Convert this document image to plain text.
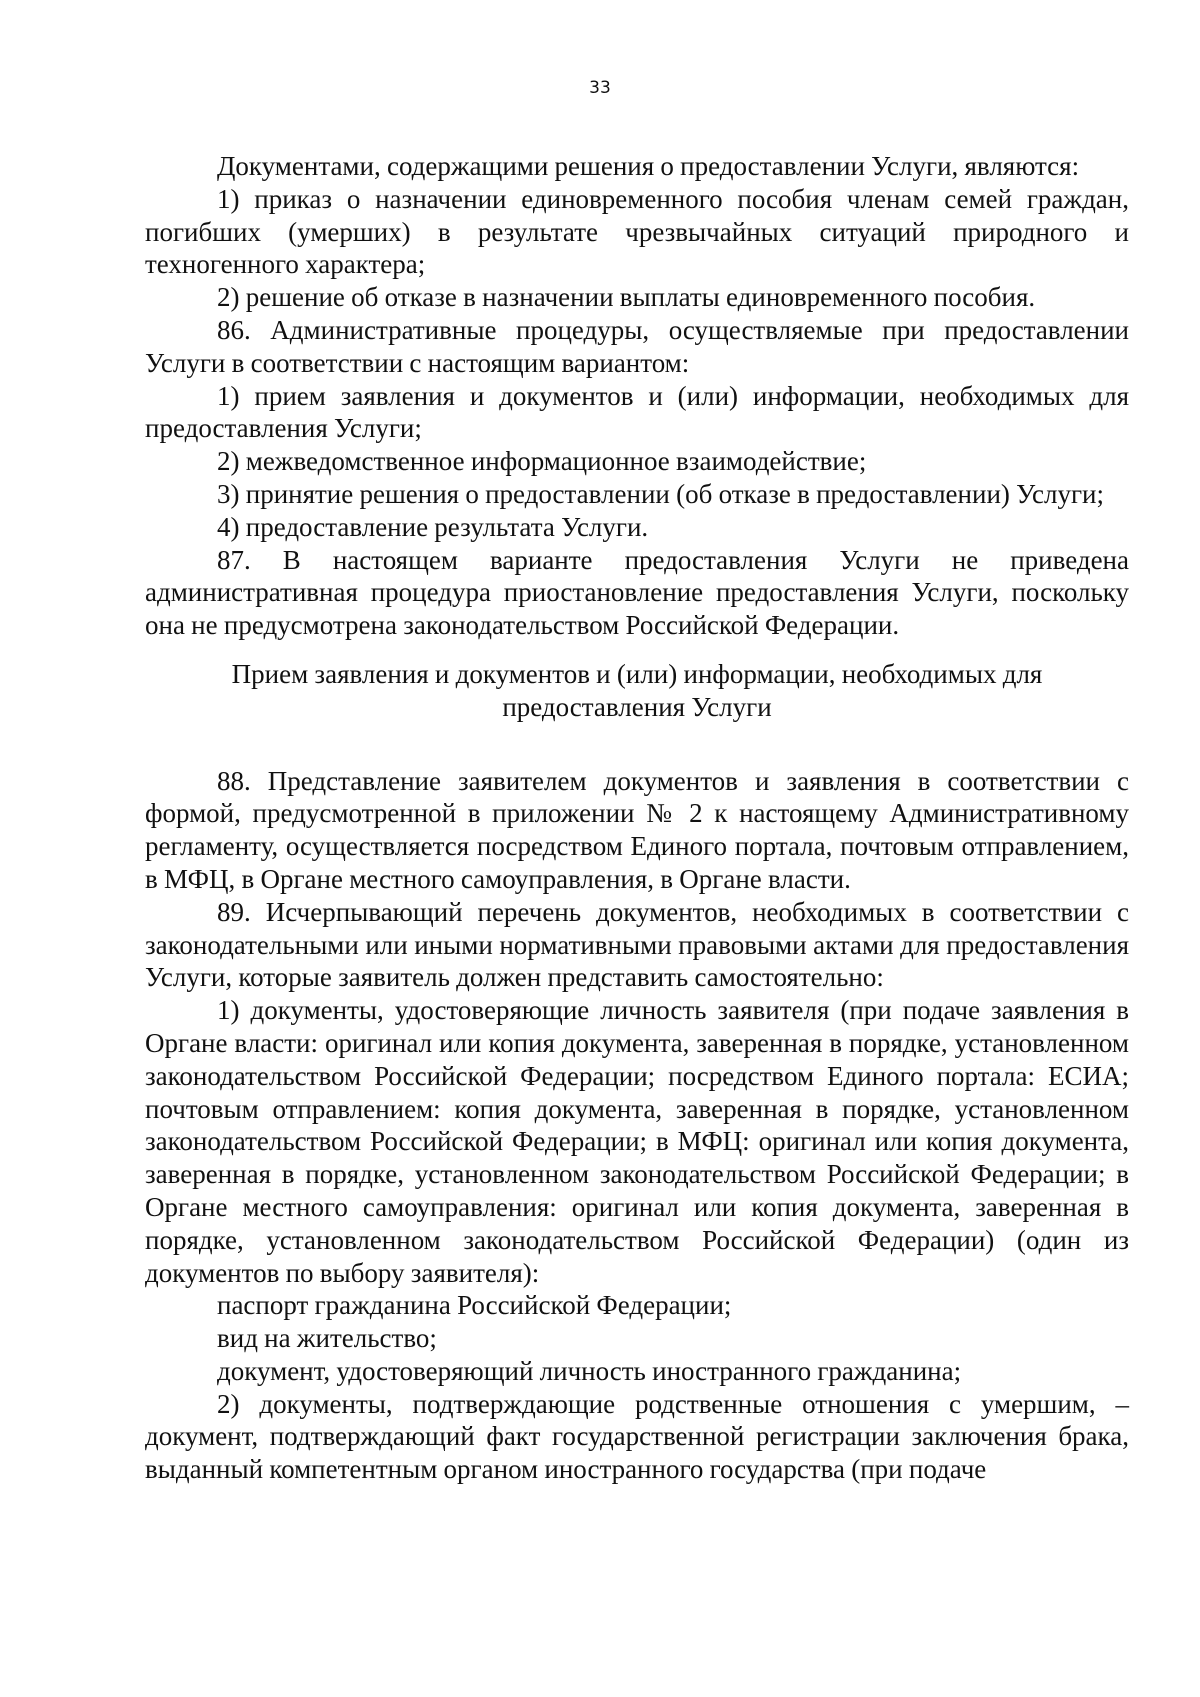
33

Документами, содержащими решения о предоставлении Услуги, являются:

1) приказ о назначении единовременного пособия членам семей граждан, погибших (умерших) в результате чрезвычайных ситуаций природного и техногенного характера;

2) решение об отказе в назначении выплаты единовременного пособия.

86. Административные процедуры, осуществляемые при предоставлении Услуги в соответствии с настоящим вариантом:

1) прием заявления и документов и (или) информации, необходимых для предоставления Услуги;

2) межведомственное информационное взаимодействие;

3) принятие решения о предоставлении (об отказе в предоставлении) Услуги;

4) предоставление результата Услуги.

87. В настоящем варианте предоставления Услуги не приведена административная процедура приостановление предоставления Услуги, поскольку она не предусмотрена законодательством Российской Федерации.

Прием заявления и документов и (или) информации, необходимых для предоставления Услуги

88. Представление заявителем документов и заявления в соответствии с формой, предусмотренной в приложении № 2 к настоящему Административному регламенту, осуществляется посредством Единого портала, почтовым отправлением, в МФЦ, в Органе местного самоуправления, в Органе власти.

89. Исчерпывающий перечень документов, необходимых в соответствии с законодательными или иными нормативными правовыми актами для предоставления Услуги, которые заявитель должен представить самостоятельно:

1) документы, удостоверяющие личность заявителя (при подаче заявления в Органе власти: оригинал или копия документа, заверенная в порядке, установленном законодательством Российской Федерации; посредством Единого портала: ЕСИА; почтовым отправлением: копия документа, заверенная в порядке, установленном законодательством Российской Федерации; в МФЦ: оригинал или копия документа, заверенная в порядке, установленном законодательством Российской Федерации; в Органе местного самоуправления: оригинал или копия документа, заверенная в порядке, установленном законодательством Российской Федерации) (один из документов по выбору заявителя):

паспорт гражданина Российской Федерации;

вид на жительство;

документ, удостоверяющий личность иностранного гражданина;

2) документы, подтверждающие родственные отношения с умершим, – документ, подтверждающий факт государственной регистрации заключения брака, выданный компетентным органом иностранного государства (при подаче
